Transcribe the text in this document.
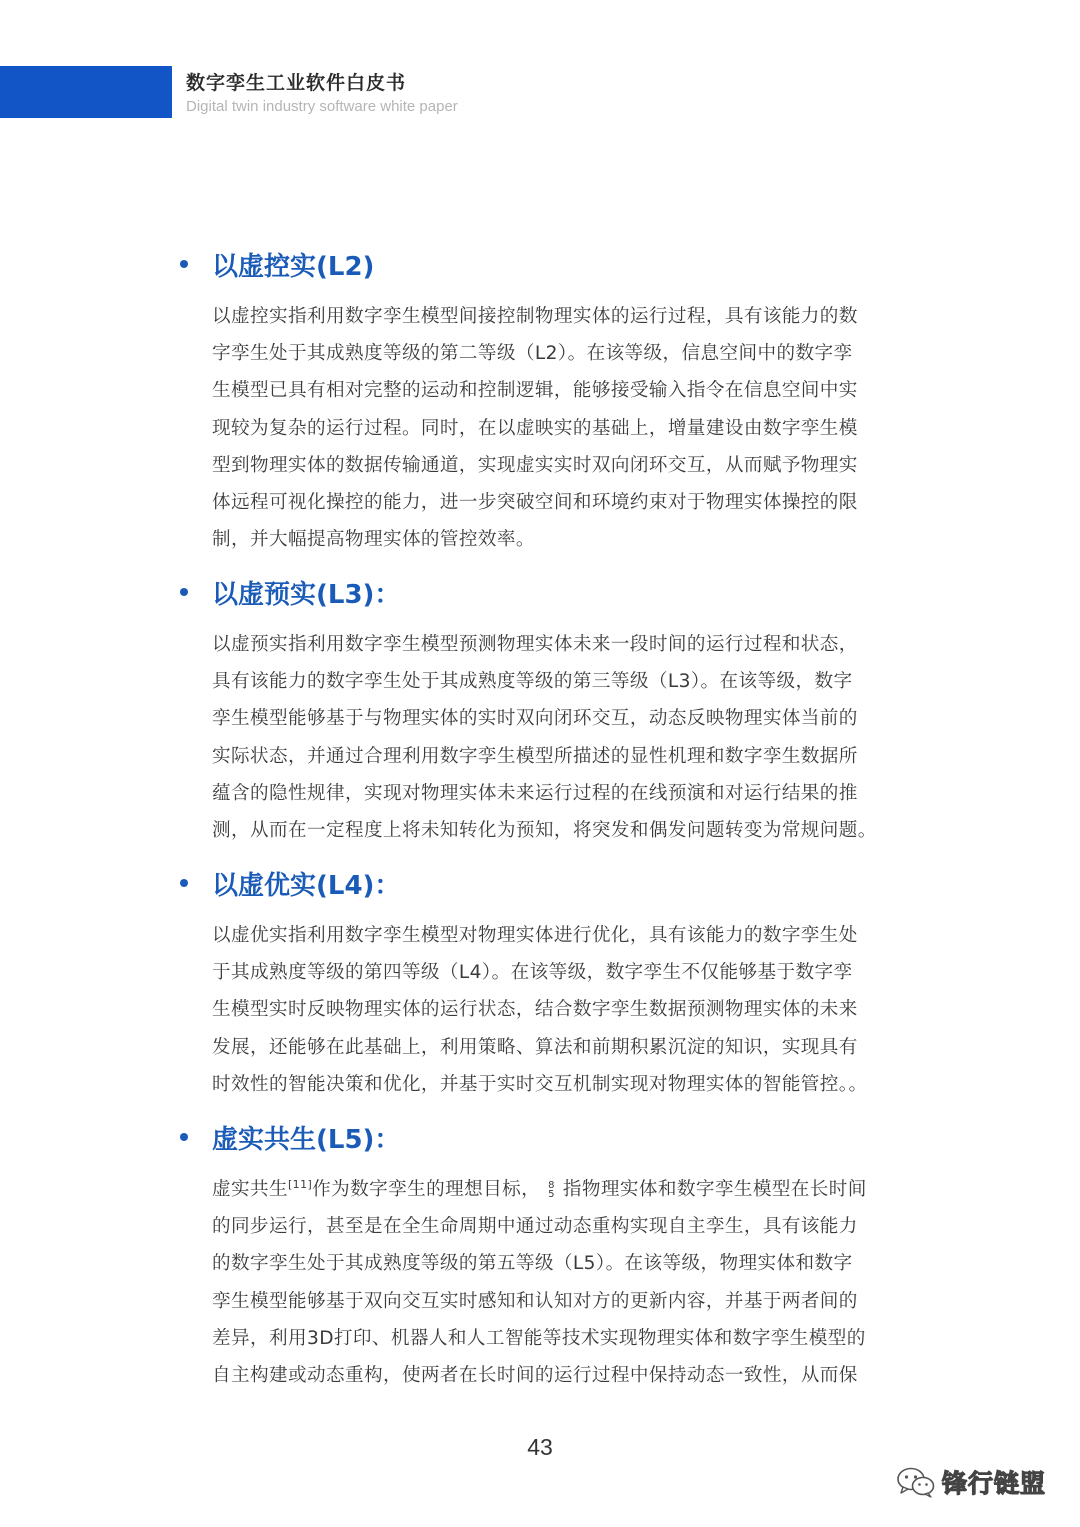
数字孪生工业软件白皮书
Digital twin industry software white paper
以虚控实(L2)
以虚控实指利用数字孪生模型间接控制物理实体的运行过程，具有该能力的数
字孪生处于其成熟度等级的第二等级（L2）。在该等级，信息空间中的数字孪
生模型已具有相对完整的运动和控制逻辑，能够接受输入指令在信息空间中实
现较为复杂的运行过程。同时，在以虚映实的基础上，增量建设由数字孪生模
型到物理实体的数据传输通道，实现虚实实时双向闭环交互，从而赋予物理实
体远程可视化操控的能力，进一步突破空间和环境约束对于物理实体操控的限
制，并大幅提高物理实体的管控效率。
以虚预实(L3)：
以虚预实指利用数字孪生模型预测物理实体未来一段时间的运行过程和状态，
具有该能力的数字孪生处于其成熟度等级的第三等级（L3）。在该等级，数字
孪生模型能够基于与物理实体的实时双向闭环交互，动态反映物理实体当前的
实际状态，并通过合理利用数字孪生模型所描述的显性机理和数字孪生数据所
蕴含的隐性规律，实现对物理实体未来运行过程的在线预演和对运行结果的推
测，从而在一定程度上将未知转化为预知，将突发和偶发问题转变为常规问题。
以虚优实(L4)：
以虚优实指利用数字孪生模型对物理实体进行优化，具有该能力的数字孪生处
于其成熟度等级的第四等级（L4）。在该等级，数字孪生不仅能够基于数字孪
生模型实时反映物理实体的运行状态，结合数字孪生数据预测物理实体的未来
发展，还能够在此基础上，利用策略、算法和前期积累沉淀的知识，实现具有
时效性的智能决策和优化，并基于实时交互机制实现对物理实体的智能管控。。
虚实共生(L5)：
虚实共生[11]作为数字孪生的理想目标， 8
5 指物理实体和数字孪生模型在长时间
的同步运行，甚至是在全生命周期中通过动态重构实现自主孪生，具有该能力
的数字孪生处于其成熟度等级的第五等级（L5）。在该等级，物理实体和数字
孪生模型能够基于双向交互实时感知和认知对方的更新内容，并基于两者间的
差异，利用3D打印、机器人和人工智能等技术实现物理实体和数字孪生模型的
自主构建或动态重构，使两者在长时间的运行过程中保持动态一致性，从而保
43
锋行链盟
